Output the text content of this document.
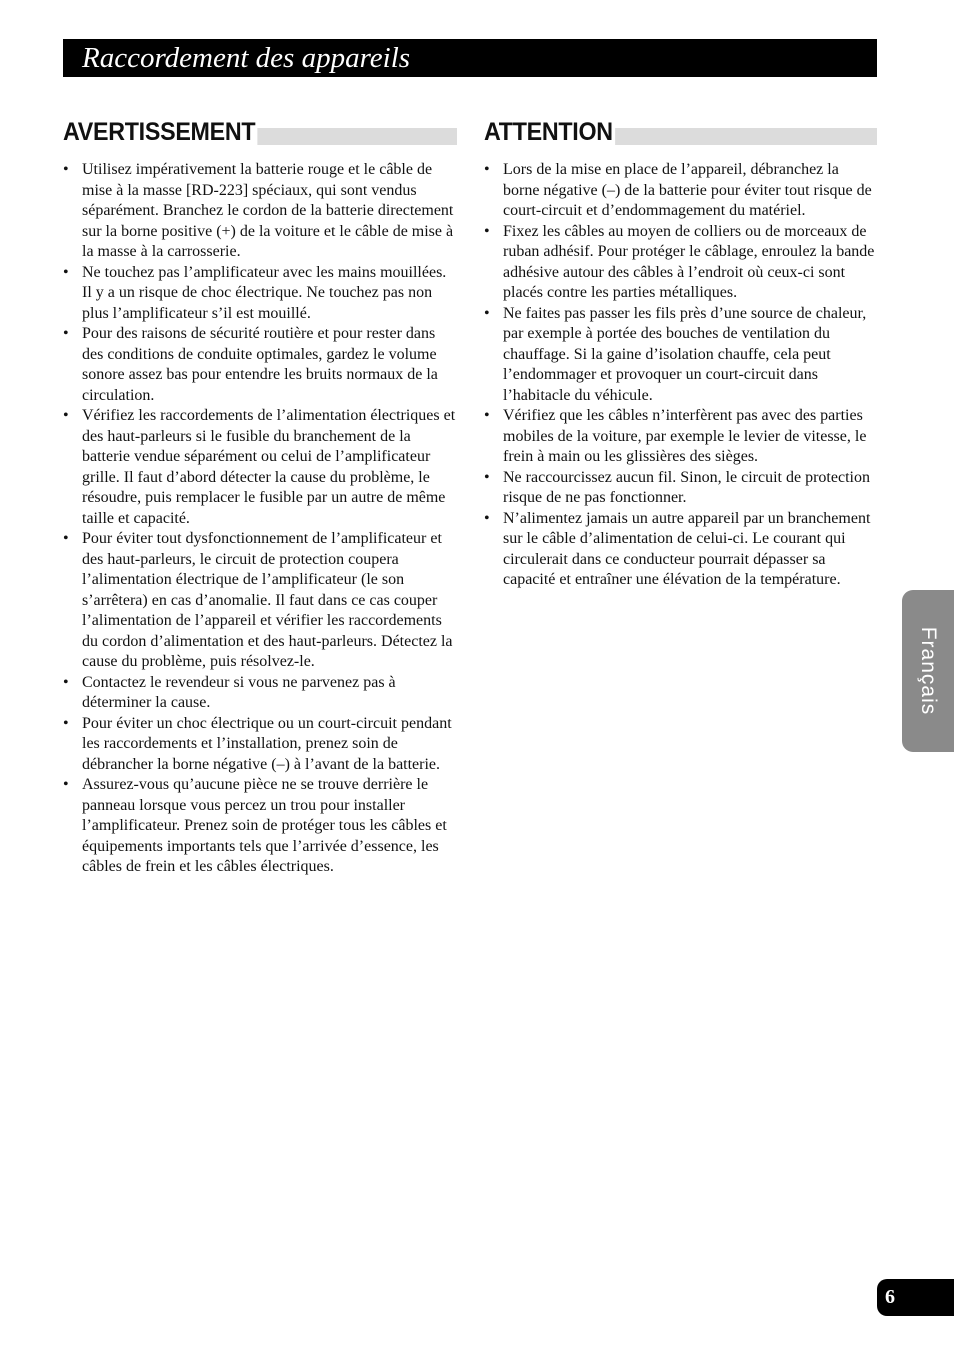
Raccordement des appareils
AVERTISSEMENT
• Utilisez impérativement la batterie rouge et le câble de mise à la masse [RD-223] spéciaux, qui sont vendus séparément. Branchez le cordon de la batterie directement sur la borne positive (+) de la voiture et le câble de mise à la masse à la carrosserie.
• Ne touchez pas l’amplificateur avec les mains mouillées. Il y a un risque de choc électrique. Ne touchez pas non plus l’amplificateur s’il est mouillé.
• Pour des raisons de sécurité routière et pour rester dans des conditions de conduite optimales, gardez le volume sonore assez bas pour entendre les bruits normaux de la circulation.
• Vérifiez les raccordements de l’alimentation électriques et des haut-parleurs si le fusible du branchement de la batterie vendue séparément ou celui de l’amplificateur grille. Il faut d’abord détecter la cause du problème, le résoudre, puis remplacer le fusible par un autre de même taille et capacité.
• Pour éviter tout dysfonctionnement de l’amplificateur et des haut-parleurs, le circuit de protection coupera l’alimentation électrique de l’amplificateur (le son s’arrêtera) en cas d’anomalie. Il faut dans ce cas couper l’alimentation de l’appareil et vérifier les raccordements du cordon d’alimentation et des haut-parleurs. Détectez la cause du problème, puis résolvez-le.
• Contactez le revendeur si vous ne parvenez pas à déterminer la cause.
• Pour éviter un choc électrique ou un court-circuit pendant les raccordements et l’installation, prenez soin de débrancher la borne négative (–) à l’avant de la batterie.
• Assurez-vous qu’aucune pièce ne se trouve derrière le panneau lorsque vous percez un trou pour installer l’amplificateur. Prenez soin de protéger tous les câbles et équipements importants tels que l’arrivée d’essence, les câbles de frein et les câbles électriques.
ATTENTION
• Lors de la mise en place de l’appareil, débranchez la borne négative (–) de la batterie pour éviter tout risque de court-circuit et d’endommagement du matériel.
• Fixez les câbles au moyen de colliers ou de morceaux de ruban adhésif. Pour protéger le câblage, enroulez la bande adhésive autour des câbles à l’endroit où ceux-ci sont placés contre les parties métalliques.
• Ne faites pas passer les fils près d’une source de chaleur, par exemple à portée des bouches de ventilation du chauffage. Si la gaine d’isolation chauffe, cela peut l’endommager et provoquer un court-circuit dans l’habitacle du véhicule.
• Vérifiez que les câbles n’interfèrent pas avec des parties mobiles de la voiture, par exemple le levier de vitesse, le frein à main ou les glissières des sièges.
• Ne raccourcissez aucun fil. Sinon, le circuit de protection risque de ne pas fonctionner.
• N’alimentez jamais un autre appareil par un branchement sur le câble d’alimentation de celui-ci. Le courant qui circulerait dans ce conducteur pourrait dépasser sa capacité et entraîner une élévation de la température.
Français
6
